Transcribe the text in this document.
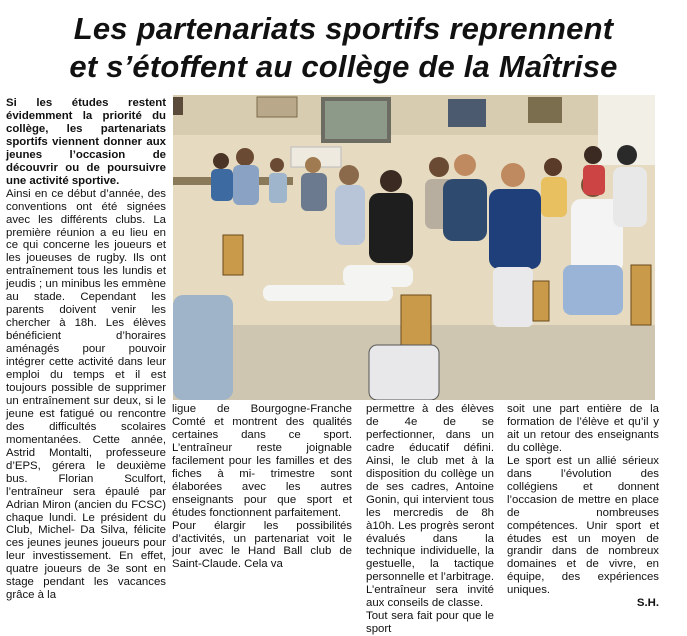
Les partenariats sportifs reprennent
et s’étoffent au collège de la Maîtrise

Si les études restent évidemment la priorité du collège, les partenariats sportifs viennent donner aux jeunes l’occasion de découvrir ou de poursuivre une activité sportive.

Ainsi en ce début d’année, des conventions ont été signées avec les différents clubs. La première réunion a eu lieu en ce qui concerne les joueurs et les joueuses de rugby. Ils ont entraînement tous les lundis et jeudis ; un minibus les emmène au stade. Cependant les parents doivent venir les chercher à 18h. Les élèves bénéficient d’horaires aménagés pour pouvoir intégrer cette activité dans leur emploi du temps et il est toujours possible de supprimer un entraînement sur deux, si le jeune est fatigué ou rencontre des difficultés scolaires momentanées. Cette année, Astrid Montalti, professeure d’EPS, gérera le deuxième bus. Florian Sculfort, l’entraîneur sera épaulé par Adrian Miron (ancien du FCSC) chaque lundi. Le président du Club, Michel- Da Silva, félicite ces jeunes jeunes joueurs pour leur investissement. En effet, quatre joueurs de 3e sont en stage pendant les vacances grâce à la

ligue de Bourgogne-Franche Comté et montrent des qualités certaines dans ce sport. L’entraîneur reste joignable facilement pour les familles et des fiches à mi- trimestre sont élaborées avec les autres enseignants pour que sport et études fonctionnent parfaitement.

Pour élargir les possibilités d’activités, un partenariat voit le jour avec le Hand Ball club de Saint-Claude. Cela va

permettre à des élèves de 4e de se perfectionner, dans un cadre éducatif défini. Ainsi, le club met à la disposition du collège un de ses cadres, Antoine Gonin, qui intervient tous les mercredis de 8h à10h. Les progrès seront évalués dans la technique individuelle, la gestuelle, la tactique personnelle et l’arbitrage. L’entraîneur sera invité aux conseils de classe.

Tout sera fait pour que le sport

soit une part entière de la formation de l’élève et qu’il y ait un retour des enseignants du collège.

Le sport est un allié sérieux dans l’évolution des collégiens et donnent l’occasion de mettre en place de nombreuses compétences. Unir sport et études est un moyen de grandir dans de nombreux domaines et de vivre, en équipe, des expériences uniques.

S.H.
